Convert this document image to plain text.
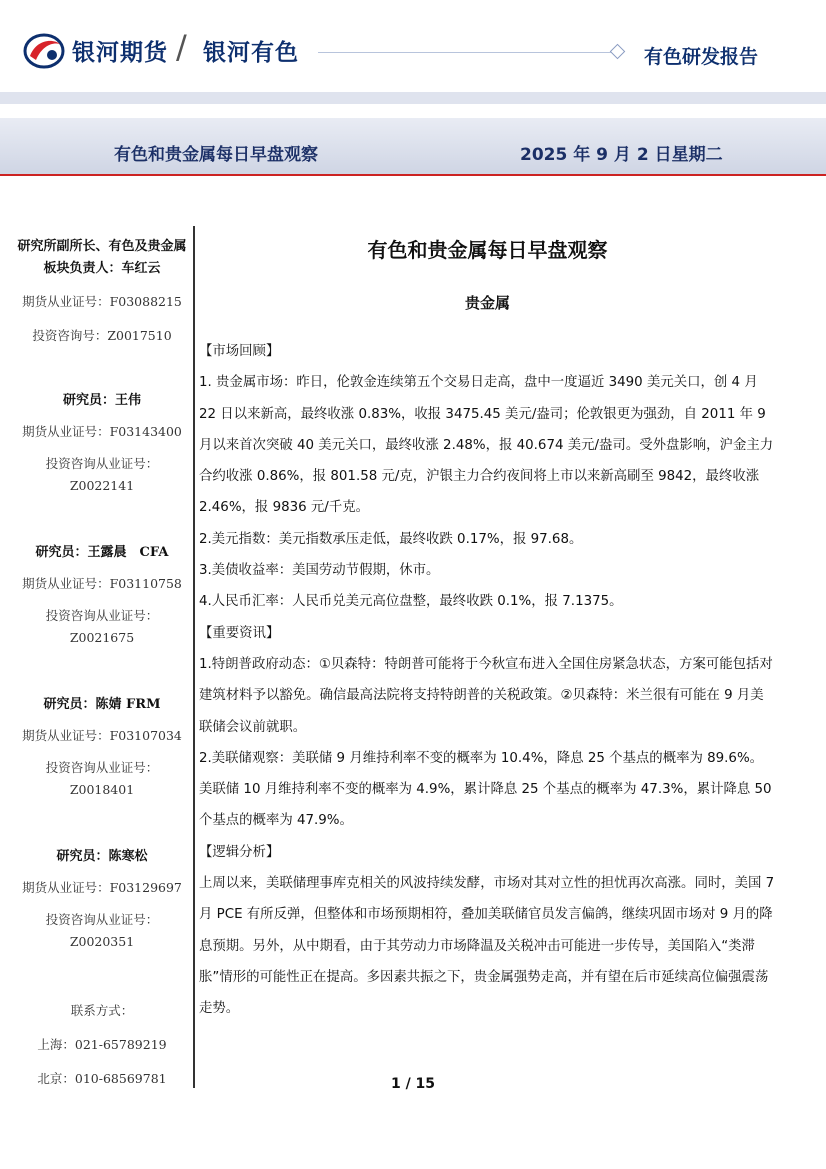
银河期货 / 银河有色	有色研发报告
有色和贵金属每日早盘观察	2025 年 9 月 2 日星期二
研究所副所长、有色及贵金属板块负责人：车红云
期货从业证号：F03088215
投资咨询号：Z0017510
研究员：王伟
期货从业证号：F03143400
投资咨询从业证号：
Z0022141
研究员：王露晨　CFA
期货从业证号：F03110758
投资咨询从业证号：
Z0021675
研究员：陈婧 FRM
期货从业证号：F03107034
投资咨询从业证号：
Z0018401
研究员：陈寒松
期货从业证号：F03129697
投资咨询从业证号：
Z0020351
联系方式：
上海：021-65789219
北京：010-68569781
有色和贵金属每日早盘观察
贵金属

【市场回顾】

1. 贵金属市场：昨日，伦敦金连续第五个交易日走高，盘中一度逼近 3490 美元关口，创 4 月 22 日以来新高，最终收涨 0.83%，收报 3475.45 美元/盎司；伦敦银更为强劲，自 2011 年 9 月以来首次突破 40 美元关口，最终收涨 2.48%，报 40.674 美元/盎司。受外盘影响，沪金主力合约收涨 0.86%，报 801.58 元/克，沪银主力合约夜间将上市以来新高刷至 9842，最终收涨 2.46%，报 9836 元/千克。

2.美元指数：美元指数承压走低，最终收跌 0.17%，报 97.68。

3.美债收益率：美国劳动节假期，休市。

4.人民币汇率：人民币兑美元高位盘整，最终收跌 0.1%，报 7.1375。

【重要资讯】

1.特朗普政府动态：①贝森特：特朗普可能将于今秋宣布进入全国住房紧急状态，方案可能包括对建筑材料予以豁免。确信最高法院将支持特朗普的关税政策。②贝森特：米兰很有可能在 9 月美联储会议前就职。

2.美联储观察：美联储 9 月维持利率不变的概率为 10.4%，降息 25 个基点的概率为 89.6%。美联储 10 月维持利率不变的概率为 4.9%，累计降息 25 个基点的概率为 47.3%，累计降息 50 个基点的概率为 47.9%。

【逻辑分析】

上周以来，美联储理事库克相关的风波持续发酵，市场对其对立性的担忧再次高涨。同时，美国 7 月 PCE 有所反弹，但整体和市场预期相符，叠加美联储官员发言偏鸽，继续巩固市场对 9 月的降息预期。另外，从中期看，由于其劳动力市场降温及关税冲击可能进一步传导，美国陷入“类滞胀”情形的可能性正在提高。多因素共振之下，贵金属强势走高，并有望在后市延续高位偏强震荡走势。

1 / 15
